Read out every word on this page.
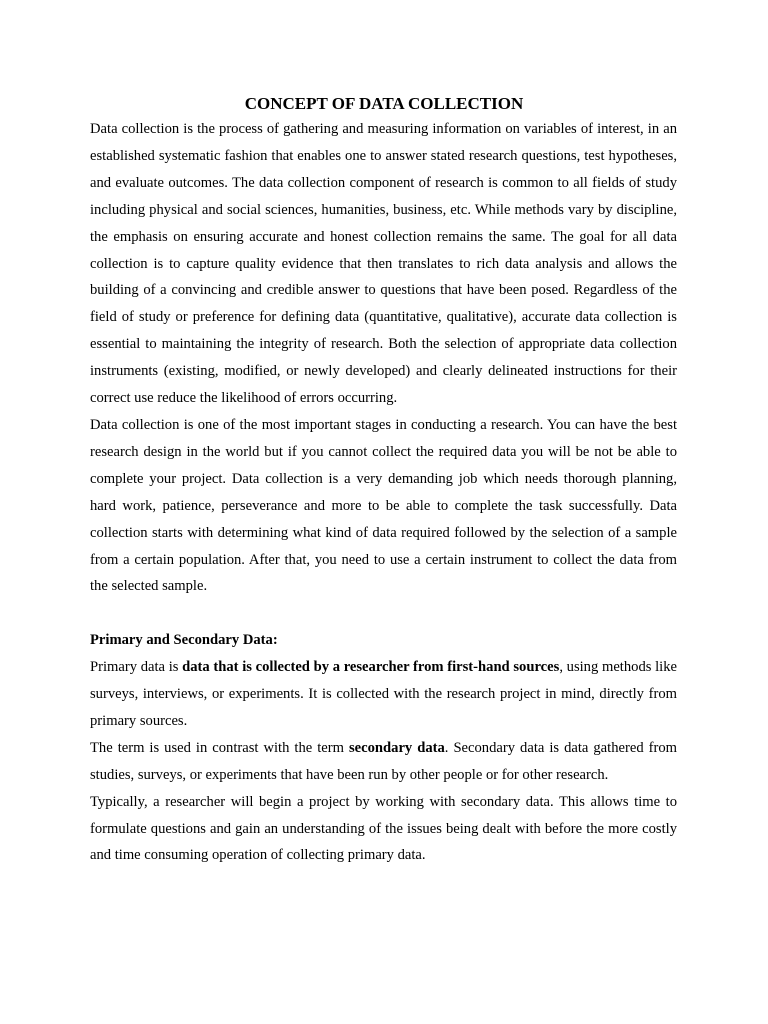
CONCEPT OF DATA COLLECTION

Data collection is the process of gathering and measuring information on variables of interest, in an established systematic fashion that enables one to answer stated research questions, test hypotheses, and evaluate outcomes. The data collection component of research is common to all fields of study including physical and social sciences, humanities, business, etc. While methods vary by discipline, the emphasis on ensuring accurate and honest collection remains the same. The goal for all data collection is to capture quality evidence that then translates to rich data analysis and allows the building of a convincing and credible answer to questions that have been posed. Regardless of the field of study or preference for defining data (quantitative, qualitative), accurate data collection is essential to maintaining the integrity of research. Both the selection of appropriate data collection instruments (existing, modified, or newly developed) and clearly delineated instructions for their correct use reduce the likelihood of errors occurring.

Data collection is one of the most important stages in conducting a research. You can have the best research design in the world but if you cannot collect the required data you will be not be able to complete your project. Data collection is a very demanding job which needs thorough planning, hard work, patience, perseverance and more to be able to complete the task successfully. Data collection starts with determining what kind of data required followed by the selection of a sample from a certain population. After that, you need to use a certain instrument to collect the data from the selected sample.

Primary and Secondary Data:

Primary data is data that is collected by a researcher from first-hand sources, using methods like surveys, interviews, or experiments. It is collected with the research project in mind, directly from primary sources.

The term is used in contrast with the term secondary data. Secondary data is data gathered from studies, surveys, or experiments that have been run by other people or for other research.

Typically, a researcher will begin a project by working with secondary data. This allows time to formulate questions and gain an understanding of the issues being dealt with before the more costly and time consuming operation of collecting primary data.
